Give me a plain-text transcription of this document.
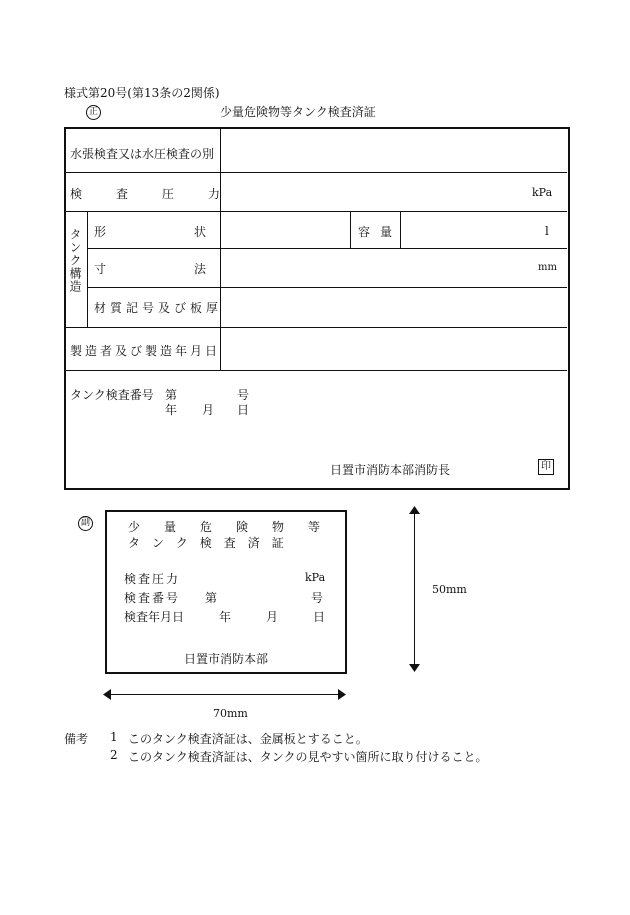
様式第20号(第13条の2関係)
正	少量危険物等タンク検査済証
水張検査又は水圧検査の別
検査圧力	kPa
タンク構造 形状	容量	l
寸法	mm
材質記号及び板厚
製造者及び製造年月日
タンク検査番号 第	号
年 月 日
日置市消防本部消防長	印
副	少量危険物等
タンク検査済証
検査圧力	kPa
検査番号 第	号
検査年月日	年	月	日
日置市消防本部
50mm
70mm
備考 1 このタンク検査済証は、金属板とすること。
2 このタンク検査済証は、タンクの見やすい箇所に取り付けること。
